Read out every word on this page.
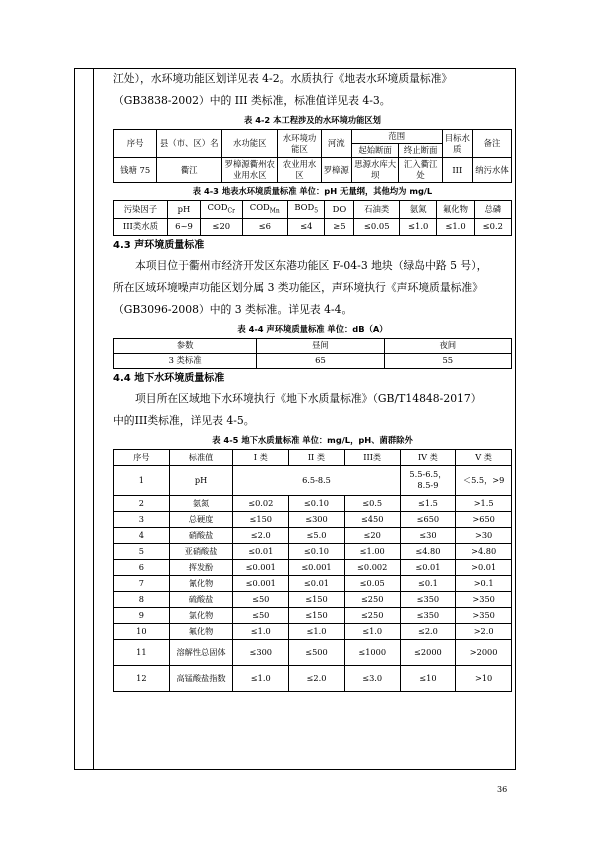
江处），水环境功能区划详见表 4-2。水质执行《地表水环境质量标准》

（GB3838-2002）中的 III 类标准，标准值详见表 4-3。

表 4-2 本工程涉及的水环境功能区划
序号	县（市、区）名	水功能区	水环境功能区	河流	范围		目标水质	备注
					起始断面	终止断面		
钱塘 75	衢江	罗樟源衢州农业用水区	农业用水区	罗樟源	思源水库大坝	汇入衢江处	III	纳污水体
表 4-3 地表水环境质量标准 单位：pH 无量纲，其他均为 mg/L
污染因子	pH	$COD_{Cr}$	$COD_{Mn}$	$BOD_5$	DO	石油类	氨氮	氟化物	总磷
III类水质	6~9	≤20	≤6	≤4	≥5	≤0.05	≤1.0	≤1.0	≤0.2
4.3 声环境质量标准

本项目位于衢州市经济开发区东港功能区 F-04-3 地块（绿岛中路 5 号），

所在区域环境噪声功能区划分属 3 类功能区，声环境执行《声环境质量标准》

（GB3096-2008）中的 3 类标准。详见表 4-4。

表 4-4 声环境质量标准 单位：dB（A）
参数	昼间	夜间
3 类标准	65	55
4.4 地下水环境质量标准

项目所在区域地下水环境执行《地下水质量标准》（GB/T14848-2017）

中的III类标准，详见表 4-5。

表 4-5 地下水质量标准 单位：mg/L，pH、菌群除外
序号	标准值	I 类	II 类	III类	IV 类	V 类
1	pH	6.5-8.5			5.5-6.5，8.5-9	＜5.5，>9
2	氨氮	≤0.02	≤0.10	≤0.5	≤1.5	>1.5
3	总硬度	≤150	≤300	≤450	≤650	>650
4	硝酸盐	≤2.0	≤5.0	≤20	≤30	>30
5	亚硝酸盐	≤0.01	≤0.10	≤1.00	≤4.80	>4.80
6	挥发酚	≤0.001	≤0.001	≤0.002	≤0.01	>0.01
7	氰化物	≤0.001	≤0.01	≤0.05	≤0.1	>0.1
8	硫酸盐	≤50	≤150	≤250	≤350	>350
9	氯化物	≤50	≤150	≤250	≤350	>350
10	氟化物	≤1.0	≤1.0	≤1.0	≤2.0	>2.0
11	溶解性总固体	≤300	≤500	≤1000	≤2000	>2000
12	高锰酸盐指数	≤1.0	≤2.0	≤3.0	≤10	>10
36
